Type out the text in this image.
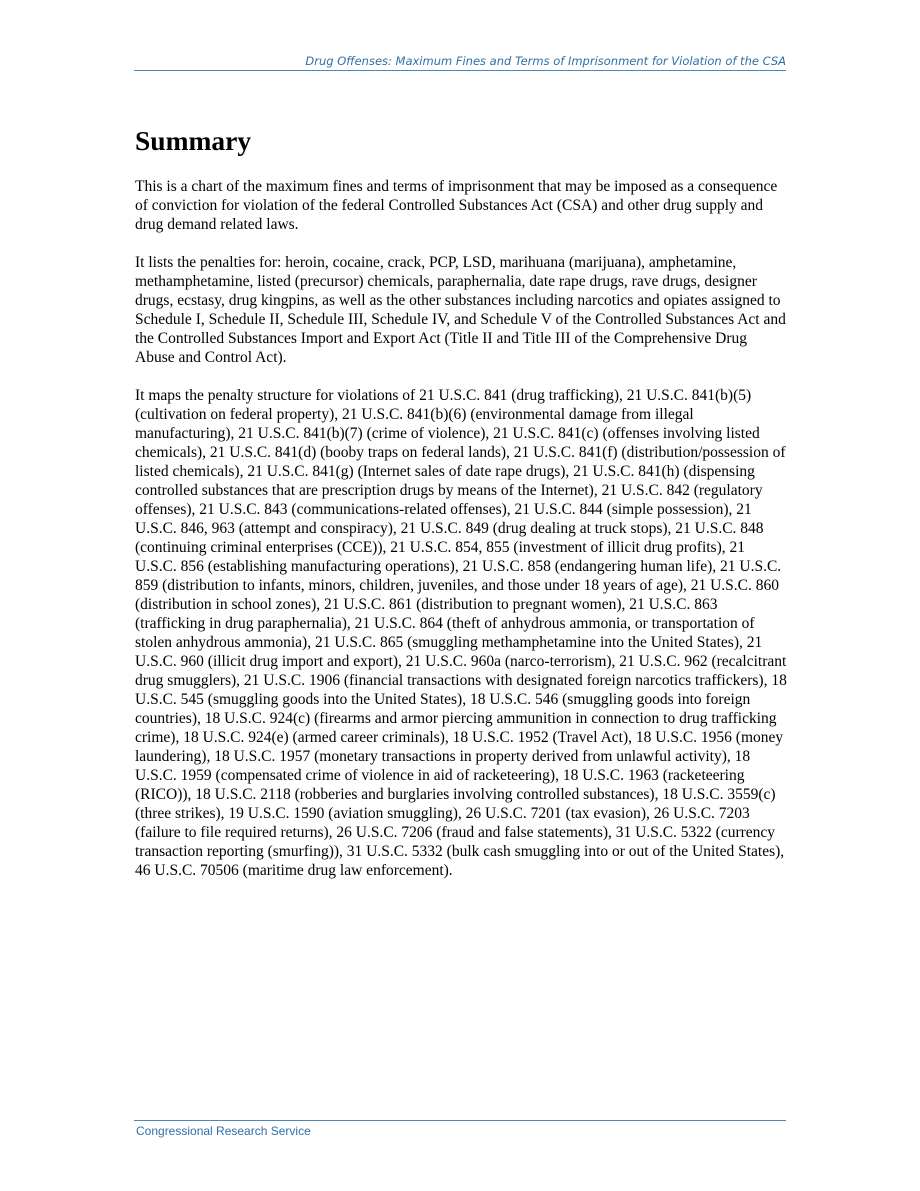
Drug Offenses: Maximum Fines and Terms of Imprisonment for Violation of the CSA
Summary

This is a chart of the maximum fines and terms of imprisonment that may be imposed as a consequence of conviction for violation of the federal Controlled Substances Act (CSA) and other drug supply and drug demand related laws.

It lists the penalties for: heroin, cocaine, crack, PCP, LSD, marihuana (marijuana), amphetamine, methamphetamine, listed (precursor) chemicals, paraphernalia, date rape drugs, rave drugs, designer drugs, ecstasy, drug kingpins, as well as the other substances including narcotics and opiates assigned to Schedule I, Schedule II, Schedule III, Schedule IV, and Schedule V of the Controlled Substances Act and the Controlled Substances Import and Export Act (Title II and Title III of the Comprehensive Drug Abuse and Control Act).

It maps the penalty structure for violations of 21 U.S.C. 841 (drug trafficking), 21 U.S.C. 841(b)(5) (cultivation on federal property), 21 U.S.C. 841(b)(6) (environmental damage from illegal manufacturing), 21 U.S.C. 841(b)(7) (crime of violence), 21 U.S.C. 841(c) (offenses involving listed chemicals), 21 U.S.C. 841(d) (booby traps on federal lands), 21 U.S.C. 841(f) (distribution/possession of listed chemicals), 21 U.S.C. 841(g) (Internet sales of date rape drugs), 21 U.S.C. 841(h) (dispensing controlled substances that are prescription drugs by means of the Internet), 21 U.S.C. 842 (regulatory offenses), 21 U.S.C. 843 (communications-related offenses), 21 U.S.C. 844 (simple possession), 21 U.S.C. 846, 963 (attempt and conspiracy), 21 U.S.C. 849 (drug dealing at truck stops), 21 U.S.C. 848 (continuing criminal enterprises (CCE)), 21 U.S.C. 854, 855 (investment of illicit drug profits), 21 U.S.C. 856 (establishing manufacturing operations), 21 U.S.C. 858 (endangering human life), 21 U.S.C. 859 (distribution to infants, minors, children, juveniles, and those under 18 years of age), 21 U.S.C. 860 (distribution in school zones), 21 U.S.C. 861 (distribution to pregnant women), 21 U.S.C. 863 (trafficking in drug paraphernalia), 21 U.S.C. 864 (theft of anhydrous ammonia, or transportation of stolen anhydrous ammonia), 21 U.S.C. 865 (smuggling methamphetamine into the United States), 21 U.S.C. 960 (illicit drug import and export), 21 U.S.C. 960a (narco-terrorism), 21 U.S.C. 962 (recalcitrant drug smugglers), 21 U.S.C. 1906 (financial transactions with designated foreign narcotics traffickers), 18 U.S.C. 545 (smuggling goods into the United States), 18 U.S.C. 546 (smuggling goods into foreign countries), 18 U.S.C. 924(c) (firearms and armor piercing ammunition in connection to drug trafficking crime), 18 U.S.C. 924(e) (armed career criminals), 18 U.S.C. 1952 (Travel Act), 18 U.S.C. 1956 (money laundering), 18 U.S.C. 1957 (monetary transactions in property derived from unlawful activity), 18 U.S.C. 1959 (compensated crime of violence in aid of racketeering), 18 U.S.C. 1963 (racketeering (RICO)), 18 U.S.C. 2118 (robberies and burglaries involving controlled substances), 18 U.S.C. 3559(c) (three strikes), 19 U.S.C. 1590 (aviation smuggling), 26 U.S.C. 7201 (tax evasion), 26 U.S.C. 7203 (failure to file required returns), 26 U.S.C. 7206 (fraud and false statements), 31 U.S.C. 5322 (currency transaction reporting (smurfing)), 31 U.S.C. 5332 (bulk cash smuggling into or out of the United States), 46 U.S.C. 70506 (maritime drug law enforcement).

Congressional Research Service
